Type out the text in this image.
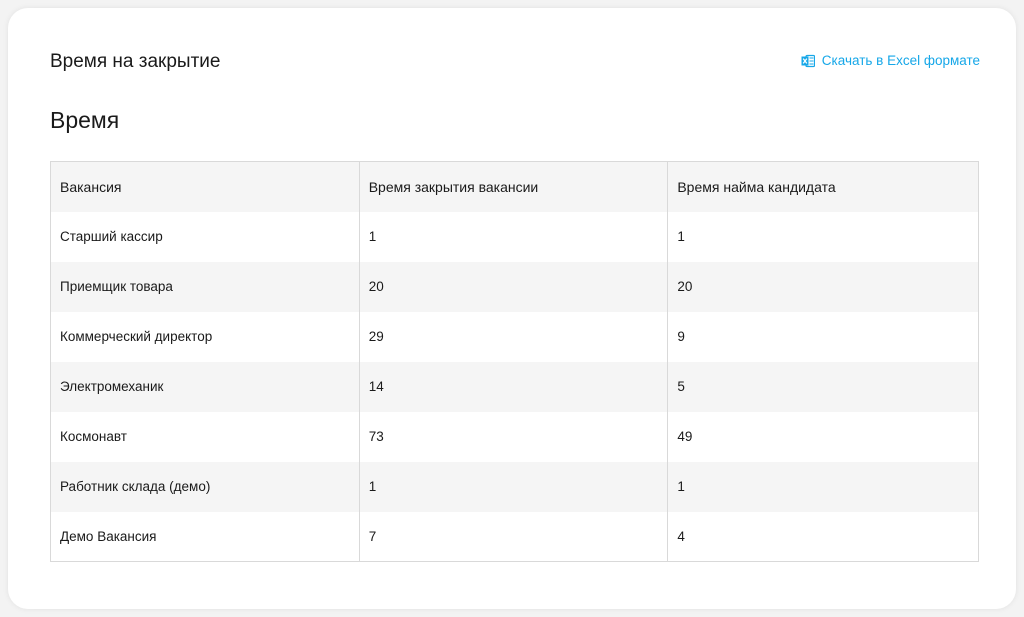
Время на закрытие	Скачать в Excel формате
Время
Вакансия	Время закрытия вакансии	Время найма кандидата
Старший кассир	1	1
Приемщик товара	20	20
Коммерческий директор	29	9
Электромеханик	14	5
Космонавт	73	49
Работник склада (демо)	1	1
Демо Вакансия	7	4
